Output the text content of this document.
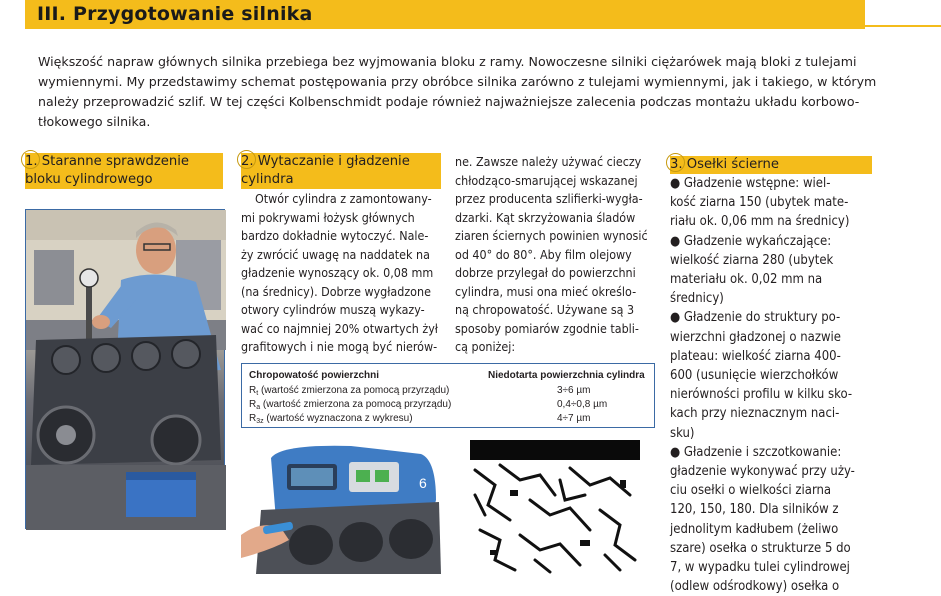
III. Przygotowanie silnika
Większość napraw głównych silnika przebiega bez wyjmowania bloku z ramy. Nowoczesne silniki ciężarówek mają bloki z tulejami
wymiennymi. My przedstawimy schemat postępowania przy obróbce silnika zarówno z tulejami wymiennymi, jak i takiego, w którym
należy przeprowadzić szlif. W tej części Kolbenschmidt podaje również najważniejsze zalecenia podczas montażu układu korbowo-
tłokowego silnika.
1. Staranne sprawdzenie
bloku cylindrowego
2. Wytaczanie i gładzenie
cylindra
Otwór cylindra z zamontowany-
mi pokrywami łożysk głównych
bardzo dokładnie wytoczyć. Nale-
ży zwrócić uwagę na naddatek na
gładzenie wynoszący ok. 0,08 mm
(na średnicy). Dobrze wygładzone
otwory cylindrów muszą wykazy-
wać co najmniej 20% otwartych żył
grafitowych i nie mogą być nierów-
ne. Zawsze należy używać cieczy
chłodząco-smarującej wskazanej
przez producenta szlifierki-wygła-
dzarki. Kąt skrzyżowania śladów
ziaren ściernych powinien wynosić
od 40° do 80°. Aby film olejowy
dobrze przylegał do powierzchni
cylindra, musi ona mieć określo-
ną chropowatość. Używane są 3
sposoby pomiarów zgodnie tabli-
cą poniżej:
Chropowatość powierzchni	Niedotarta powierzchnia cylindra
$R_t$ (wartość zmierzona za pomocą przyrządu)	3÷6 µm
$R_a$ (wartość zmierzona za pomocą przyrządu)	0,4÷0,8 µm
$R_{3z}$ (wartość wyznaczona z wykresu)	4÷7 µm
6
3. Osełki ścierne
● Gładzenie wstępne: wiel-
kość ziarna 150 (ubytek mate-
riału ok. 0,06 mm na średnicy)
● Gładzenie wykańczające:
wielkość ziarna 280 (ubytek
materiału ok. 0,02 mm na
średnicy)
● Gładzenie do struktury po-
wierzchni gładzonej o nazwie
plateau: wielkość ziarna 400-
600 (usunięcie wierzchołków
nierówności profilu w kilku sko-
kach przy nieznacznym naci-
sku)
● Gładzenie i szczotkowanie:
gładzenie wykonywać przy uży-
ciu osełki o wielkości ziarna
120, 150, 180. Dla silników z
jednolitym kadłubem (żeliwo
szare) osełka o strukturze 5 do
7, w wypadku tulei cylindrowej
(odlew odśrodkowy) osełka o
